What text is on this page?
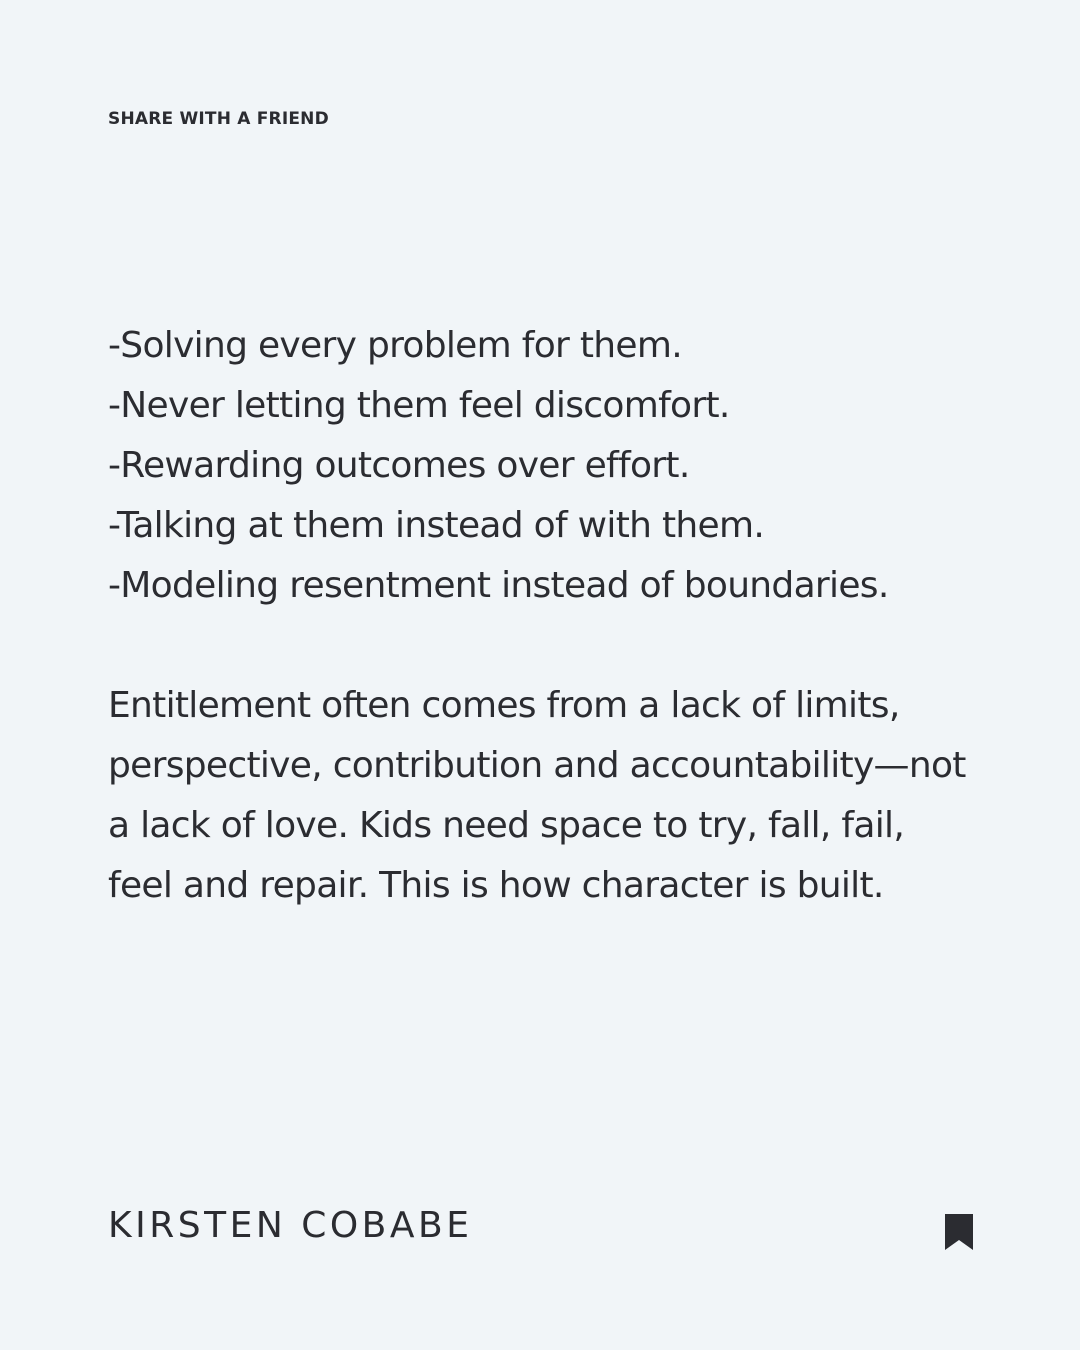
SHARE WITH A FRIEND
-Solving every problem for them.
-Never letting them feel discomfort.
-Rewarding outcomes over effort.
-Talking at them instead of with them.
-Modeling resentment instead of boundaries.

Entitlement often comes from a lack of limits, perspective, contribution and accountability—not a lack of love. Kids need space to try, fall, fail, feel and repair. This is how character is built.

KIRSTEN COBABE
